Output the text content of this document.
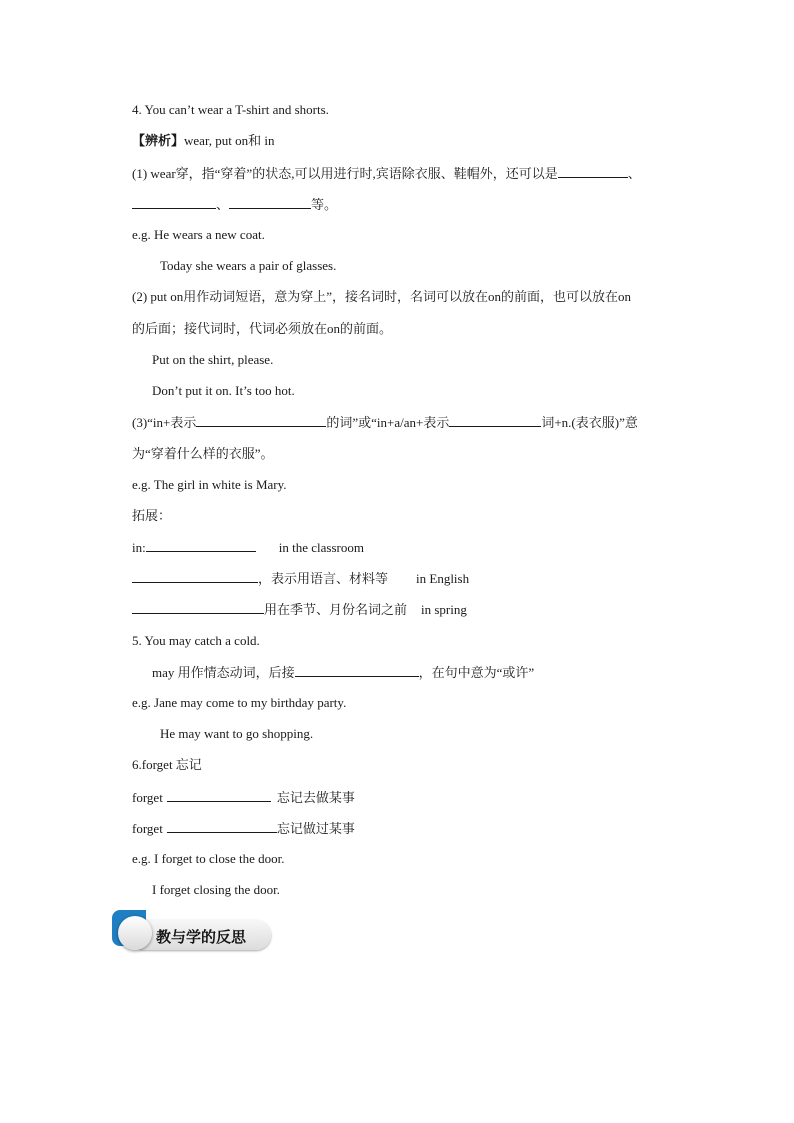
4. You can’t wear a T-shirt and shorts.
【辨析】wear, put on和 in
(1) wear穿，指“穿着”的状态,可以用进行时,宾语除衣服、鞋帽外，还可以是	、
、	等。
e.g. He wears a new coat.
Today she wears a pair of glasses.
(2) put on用作动词短语，意为穿上”，接名词时，名词可以放在on的前面，也可以放在on
的后面；接代词时，代词必须放在on的前面。
Put on the shirt, please.
Don’t put it on. It’s too hot.
(3)“in+表示	的词”或“in+a/an+表示	词+n.(表衣服)”意
为“穿着什么样的衣服”。
e.g. The girl in white is Mary.
拓展：
in:	in the classroom
，表示用语言、材料等 in English
用在季节、月份名词之前 in spring
5. You may catch a cold.
may 用作情态动词，后接	，在句中意为“或许”
e.g. Jane may come to my birthday party.
He may want to go shopping.
6.forget 忘记
forget	忘记去做某事
forget	忘记做过某事
e.g. I forget to close the door.
I forget closing the door.
教与学的反思
